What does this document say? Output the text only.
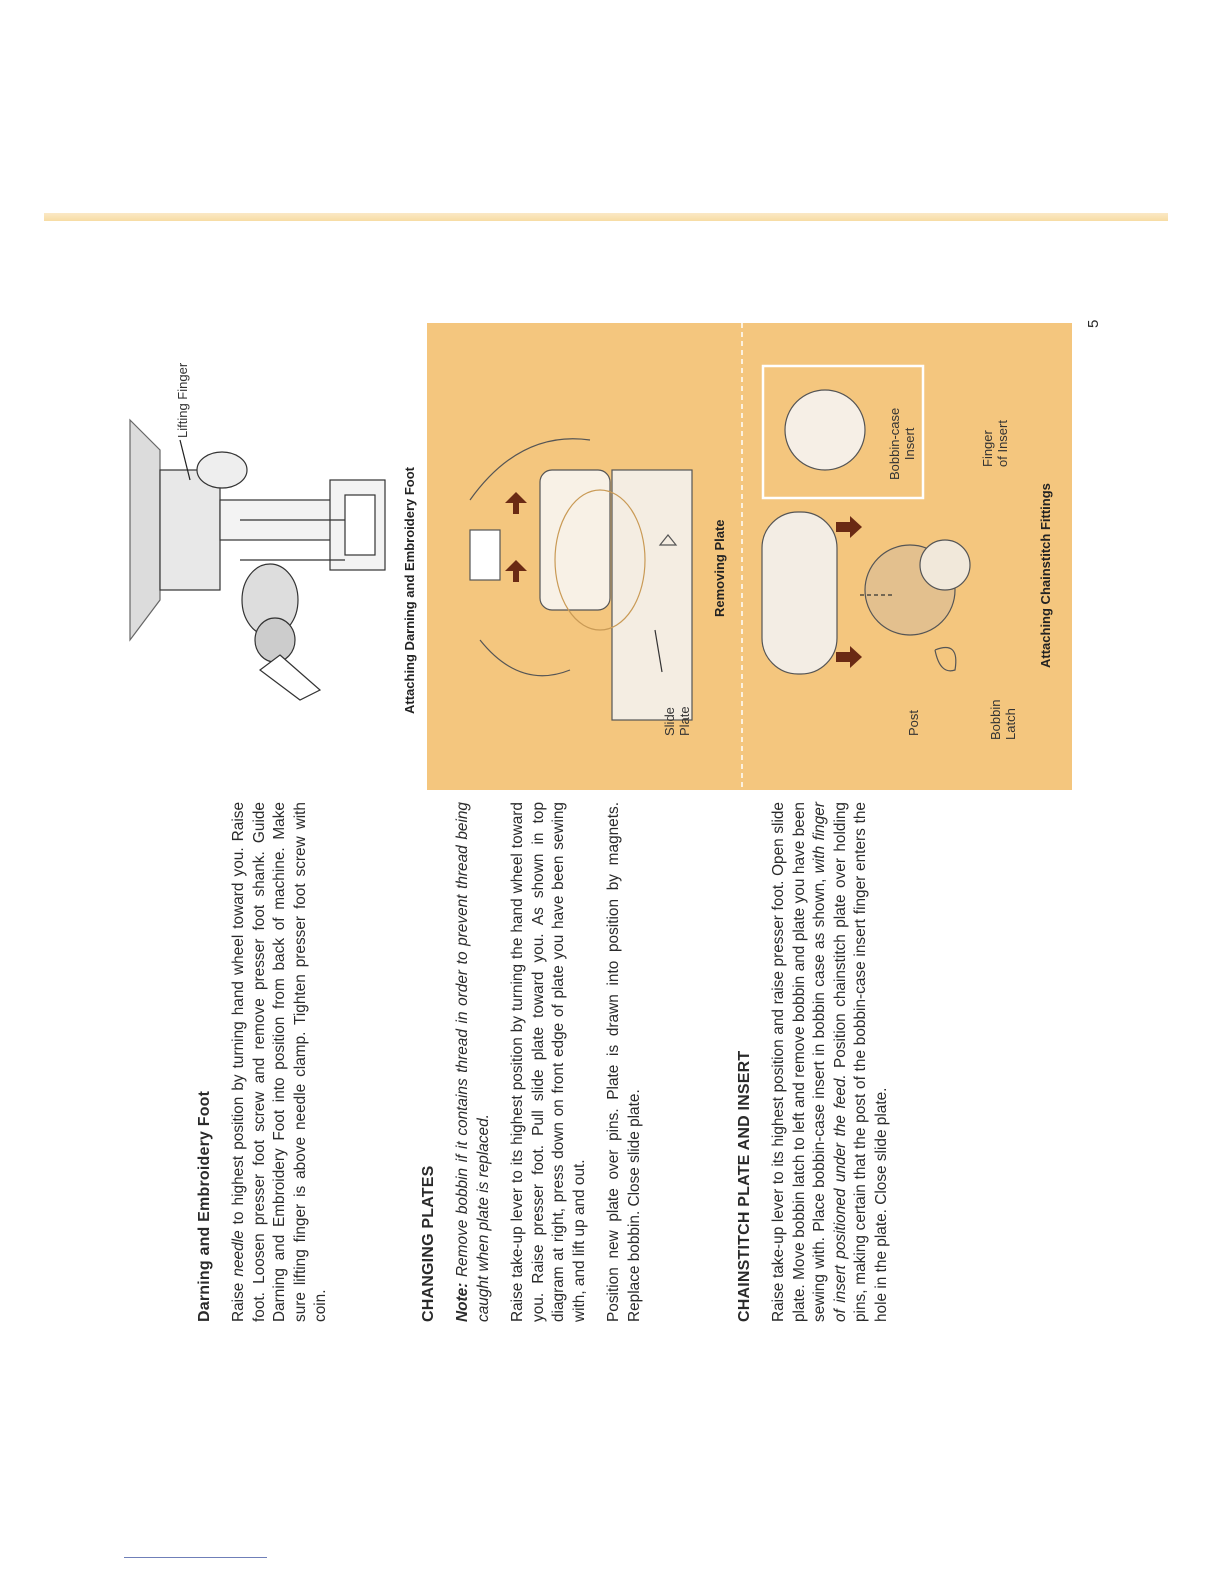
5
Darning and Embroidery Foot Raise needle to highest position by turning hand wheel toward you. Raise foot. Loosen presser foot screw and remove presser foot shank. Guide Darning and Embroidery Foot into position from back of machine. Make sure lifting finger is above needle clamp. Tighten presser foot screw with coin.	CHANGING PLATES Note: Remove bobbin if it contains thread in order to prevent thread being caught when plate is replaced. Raise take-up lever to its highest position by turning the hand wheel toward you. Raise presser foot. Pull slide plate toward you. As shown in top diagram at right, press down on front edge of plate you have been sewing with, and lift up and out. Position new plate over pins. Plate is drawn into position by magnets. Replace bobbin. Close slide plate.	CHAINSTITCH PLATE AND INSERT Raise take-up lever to its highest position and raise presser foot. Open slide plate. Move bobbin latch to left and remove bobbin and plate you have been sewing with. Place bobbin-case insert in bobbin case as shown, with finger of insert positioned under the feed. Position chainstitch plate over holding pins, making certain that the post of the bobbin-case insert finger enters the hole in the plate. Close slide plate.

Lifting Finger
Attaching Darning and Embroidery Foot
Slide
Plate
Removing Plate
Bobbin-case
Insert	Finger
of Insert
Post	Bobbin
Latch
Attaching Chainstitch Fittings
